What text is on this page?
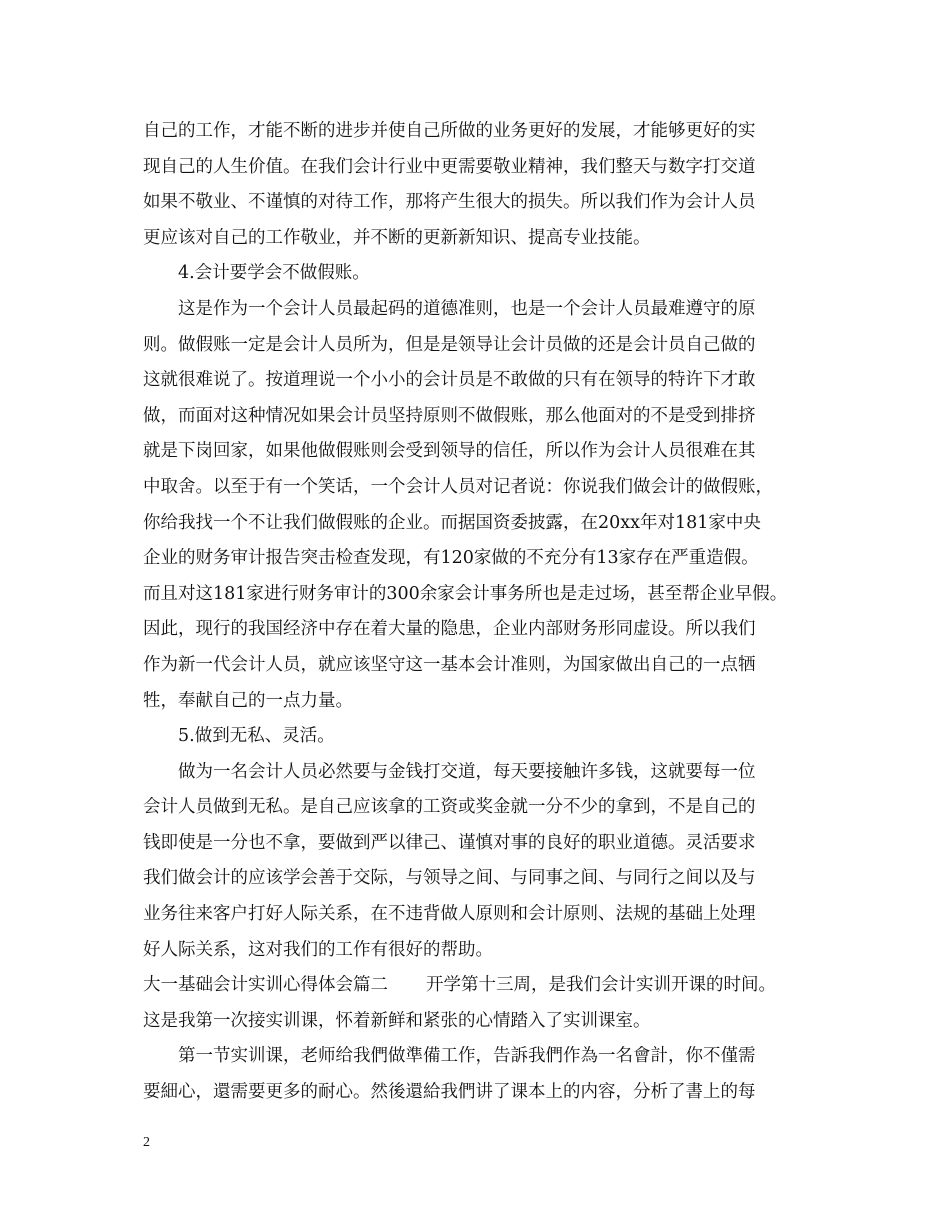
自己的工作，才能不断的进步并使自己所做的业务更好的发展，才能够更好的实
现自己的人生价值。在我们会计行业中更需要敬业精神，我们整天与数字打交道
如果不敬业、不谨慎的对待工作，那将产生很大的损失。所以我们作为会计人员
更应该对自己的工作敬业，并不断的更新新知识、提高专业技能。
4.会计要学会不做假账。
这是作为一个会计人员最起码的道德准则，也是一个会计人员最难遵守的原
则。做假账一定是会计人员所为，但是是领导让会计员做的还是会计员自己做的
这就很难说了。按道理说一个小小的会计员是不敢做的只有在领导的特许下才敢
做，而面对这种情况如果会计员坚持原则不做假账，那么他面对的不是受到排挤
就是下岗回家，如果他做假账则会受到领导的信任，所以作为会计人员很难在其
中取舍。以至于有一个笑话，一个会计人员对记者说：你说我们做会计的做假账，
你给我找一个不让我们做假账的企业。而据国资委披露，在20xx年对181家中央
企业的财务审计报告突击检查发现，有120家做的不充分有13家存在严重造假。
而且对这181家进行财务审计的300余家会计事务所也是走过场，甚至帮企业早假。
因此，现行的我国经济中存在着大量的隐患，企业内部财务形同虚设。所以我们
作为新一代会计人员，就应该坚守这一基本会计准则，为国家做出自己的一点牺
牲，奉献自己的一点力量。
5.做到无私、灵活。
做为一名会计人员必然要与金钱打交道，每天要接触许多钱，这就要每一位
会计人员做到无私。是自己应该拿的工资或奖金就一分不少的拿到，不是自己的
钱即使是一分也不拿，要做到严以律己、谨慎对事的良好的职业道德。灵活要求
我们做会计的应该学会善于交际，与领导之间、与同事之间、与同行之间以及与
业务往来客户打好人际关系，在不违背做人原则和会计原则、法规的基础上处理
好人际关系，这对我们的工作有很好的帮助。
大一基础会计实训心得体会篇二 开学第十三周，是我们会计实训开课的时间。
这是我第一次接实训课，怀着新鲜和紧张的心情踏入了实训课室。
第一节实训课，老师给我們做準備工作，告訴我們作為一名會計，你不僅需
要細心，還需要更多的耐心。然後還給我們讲了课本上的内容，分析了書上的每
2
